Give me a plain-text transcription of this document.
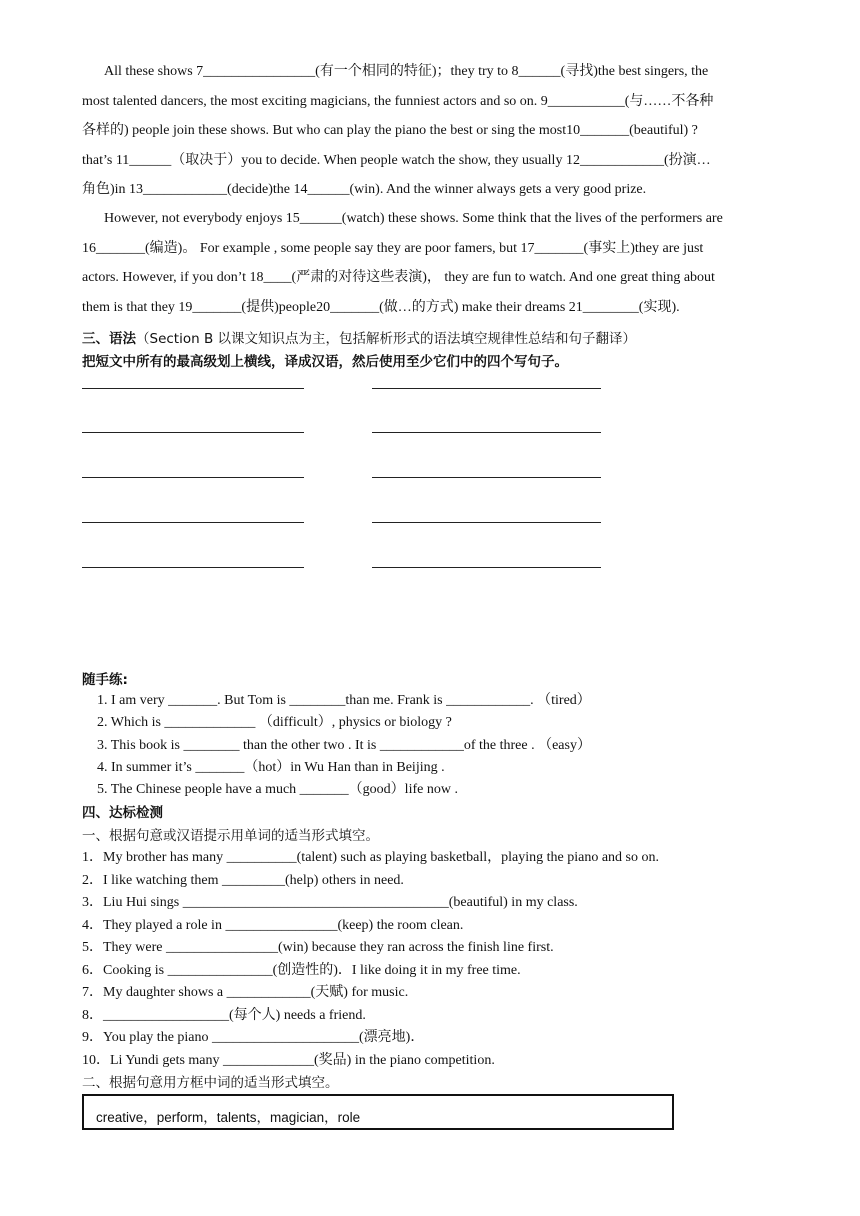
All these shows 7________________(有一个相同的特征)；they try to 8______(寻找)the best singers, the
most talented dancers, the most exciting magicians, the funniest actors and so on. 9___________(与……不各种
各样的) people join these shows. But who can play the piano the best or sing the most10_______(beautiful) ?
that’s 11______（取决于）you to decide. When people watch the show, they usually 12____________(扮演…
角色)in 13____________(decide)the 14______(win). And the winner always gets a very good prize.
However, not everybody enjoys 15______(watch) these shows. Some think that the lives of the performers are
16_______(编造)。 For example , some people say they are poor famers, but 17_______(事实上)they are just
actors. However, if you don’t 18____(严肃的对待这些表演)， they are fun to watch. And one great thing about
them is that they 19_______(提供)people20_______(做…的方式) make their dreams 21________(实现).
三、语法（Section B 以课文知识点为主，包括解析形式的语法填空规律性总结和句子翻译）
把短文中所有的最高级划上横线，译成汉语，然后使用至少它们中的四个写句子。
随手练:
1. I am very _______. But Tom is ________than me. Frank is ____________. （tired）
2. Which is _____________ （difficult）, physics or biology ?
3. This book is ________ than the other two . It is ____________of the three . （easy）
4. In summer it’s _______（hot）in Wu Han than in Beijing .
5. The Chinese people have a much _______（good）life now .
四、达标检测
一、根据句意或汉语提示用单词的适当形式填空。
1．My brother has many __________(talent) such as playing basketball，playing the piano and so on.
2．I like watching them _________(help) others in need.
3．Liu Hui sings ______________________________________(beautiful) in my class.
4．They played a role in ________________(keep) the room clean.
5．They were ________________(win) because they ran across the finish line first.
6．Cooking is _______________(创造性的)．I like doing it in my free time.
7．My daughter shows a ____________(天赋) for music.
8．__________________(每个人) needs a friend.
9．You play the piano _____________________(漂亮地)．
10．Li Yundi gets many _____________(奖品) in the piano competition.
二、根据句意用方框中词的适当形式填空。
creative，perform，talents，magician，role
